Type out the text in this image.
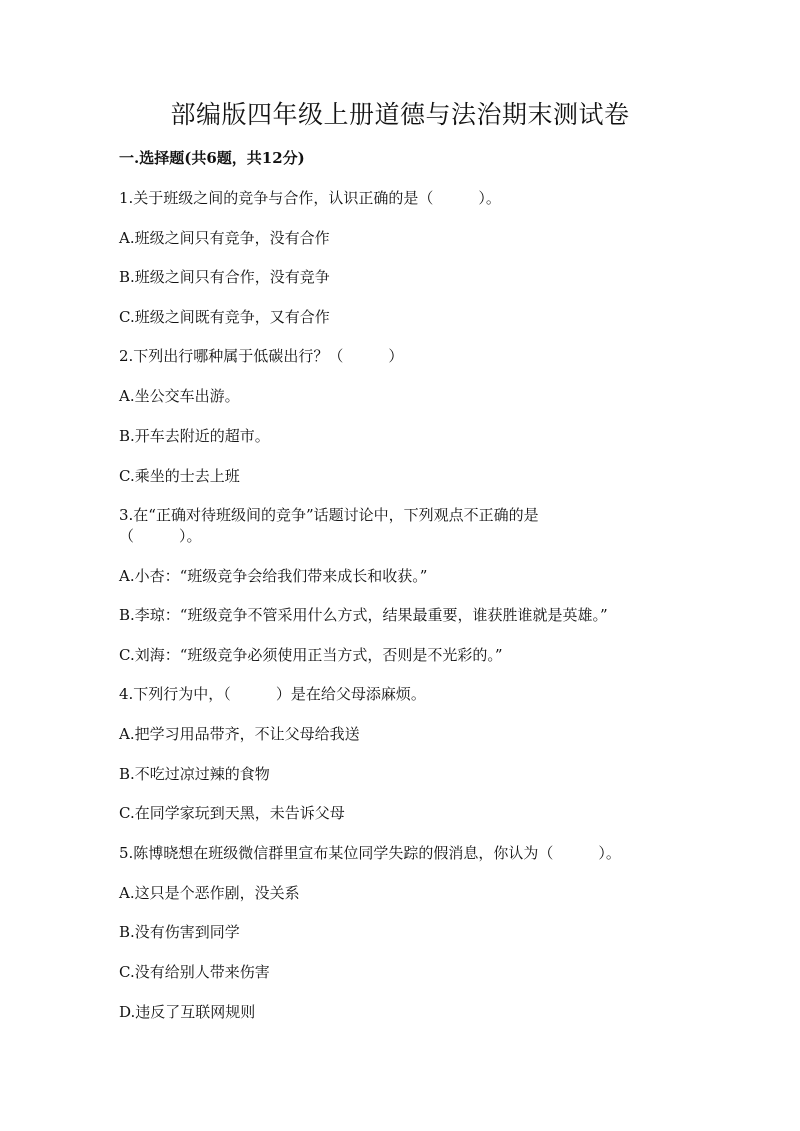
部编版四年级上册道德与法治期末测试卷
一.选择题(共6题，共12分)
1.关于班级之间的竞争与合作，认识正确的是（　　　）。
A.班级之间只有竞争，没有合作
B.班级之间只有合作，没有竞争
C.班级之间既有竞争，又有合作
2.下列出行哪种属于低碳出行？（　　　）
A.坐公交车出游。
B.开车去附近的超市。
C.乘坐的士去上班
3.在“正确对待班级间的竞争”话题讨论中，下列观点不正确的是
（　　　）。
A.小杏：“班级竞争会给我们带来成长和收获。”
B.李琼：“班级竞争不管采用什么方式，结果最重要，谁获胜谁就是英雄。”
C.刘海：“班级竞争必须使用正当方式，否则是不光彩的。”
4.下列行为中，（　　　）是在给父母添麻烦。
A.把学习用品带齐，不让父母给我送
B.不吃过凉过辣的食物
C.在同学家玩到天黑，未告诉父母
5.陈博晓想在班级微信群里宣布某位同学失踪的假消息，你认为（　　　）。
A.这只是个恶作剧，没关系
B.没有伤害到同学
C.没有给别人带来伤害
D.违反了互联网规则
